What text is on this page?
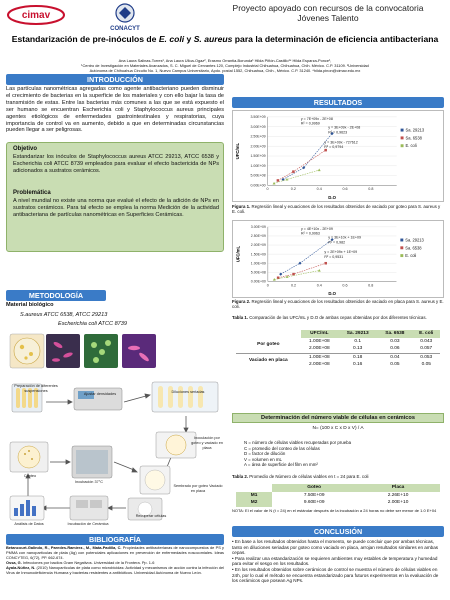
cimav
CONACYT
Proyecto apoyado con recursos de la convocatoria
Jóvenes Talento
Estandarización de pre-inóculos de E. coli y S. aureus para la determinación de eficiencia antibacteriana
Ana Laura Salinas-Torres¹, Ana Laura Ulloa-Ogaz², Erasmo Orrantia-Borunda¹ Hilda Piñón-Castillo¹* Hilda Esparza-Ponce¹,
¹Centro de Investigación en Materiales Avanzados, S. C. Miguel de Cervantes 120, Complejo Industrial Chihuahua, Chihuahua, Chih. México. C.P. 31109. ²Universidad
Autónoma de Chihuahua Circuito No. 1, Nuevo Campus Universitario, Apdo. postal 1552, Chihuahua, Chih., México. C.P. 31240. *hilda.pinon@cimav.edu.mx
INTRODUCCIÓN
Las partículas nanométricas agregadas como agente antibacteriano pueden disminuir el crecimiento de bacterias en la superficie de los materiales y con ello bajar la tasa de transmisión de estas. Entre las bacterias más comunes a las que se está expuesto el ser humano se encuentran Escherichia coli y Staphylococcus aureus principales agentes etiológicos de enfermedades gastrointestinales y respiratorias, cuya importancia de control va en aumento, debido a que en determinadas circunstancias pueden llegar a ser peligrosas.
Objetivo
Estandarizar los inóculos de Staphylococcus aureus ATCC 29213, ATCC 6538 y Escherichia coli ATCC 8739 empleados para evaluar el efecto bactericida de NPs adicionados a sustratos cerámicos.
Problemática
A nivel mundial no existe una norma que evalué el efecto de la adición de NPs en sustratos cerámicos. Para tal efecto se emplea la norma Medición de la actividad antibacteriana de partículas nanométricas en Superficies Cerámicas.
METODOLOGÍA
Material biológico
S.aureus ATCC 6538, ATCC 29213
Escherichia coli ATCC 8739
Preparación de diferentes suspensiones
Ajustar densidades	Diluciones seriadas
Inoculación por goteo y vaciado en placa
Conteo
Incubación 37°C
Sembrado por goteo Vaciado en placa
Análisis de Datos	Incubación de Cerámica
Recuperar células
BIBLIOGRAFÍA
Betancourt-Galindo, R., Paredes-Ramírez., M., Mata-Padilla, C. Propiedades antibacterianas de nanocompuestos de PS y PMMA con nanopartículas de plata (Ag) con potenciales aplicaciones en prevención de enfermedades nosocomiales. Ideas CONCYTEG, 6(72), PP. 662-674.
Ossa, G. Infecciones por bacilos Gram Negativos. Universidad de la Frontera. Pp. 1-6
Ayala-Núñez, N. (2010) Nanopartículas de plata como microbicidas: Actividad y mecanismos de acción contra la infección del Virus de Inmunodeficiencia Humana y bacterias resistentes a antibióticos. Universidad Autónoma de Nuevo León.
RESULTADOS
0.00E+00
5.00E+08
1.00E+09
1.50E+09
2.00E+09
2.50E+09
3.00E+09
3.50E+09
0	0.2	0.4	0.6	0.8
D.O
UFC/mL
Sa. 29213
Sa. 6538
E. coli
y = 7E+09x - 2E+08
R² = 0,9969
y = 3E+09x - 2E+08
R² = 0,9623
y = 3E+09x - 727612
R² = 0,9794
Figura 1. Regresión lineal y ecuaciones de los resultados obtenidos de vaciado por goteo para S. aureus y E. coli.
0.00E+00
5.00E+08
1.00E+09
1.50E+09
2.00E+09
2.50E+09
3.00E+09
0	0.2	0.4	0.6	0.8
D.O
UFC/mL
Sa. 29213
Sa. 6538
E. coli
y = 4E+10x - 2E+09
R² = 0,9963
y = 3E+10x + 1E+09
R² = 0,982
y = 2E+09x + 1E+09
R² = 0,9531
Figura 2. Regresión lineal y ecuaciones de los resultados obtenidos de vaciado en placa para S. aureus y E. coli.
Tabla 1. Comparación de las UFC/mL y D.O de ambas cepas obtenidas por dos diferentes técnicas.
	UFC/mL	Sa. 29213	Sa. 6538	E. coli
Por goteo	1.00E+08	0.1	0.03	0.043
	2.00E+08	0.13	0.06	0.057
Vaciado en placa	1.00E+08	0.18	0.04	0.053
	2.00E+08	0.16	0.05	0.05
Determinación del número viable de células en cerámicos
N= (100 x C x D x V) / A
N = número de células viables recuperadas por prueba
C = promedio del conteo de las células
D = factor de dilución
V = volumen en mL
A = área de superficie del film en mm²
Tabla 2. Promedio de Número de células viables en t = 24 para E. coli
	Goteo	Placa
M1	7.50E+09	2.26E+10
M2	9.60E+09	2.00E+10
NOTA: El el valor de N (t = 24) en el estándar después de la incubación a 24 horas no debe ser menor de 1.0 E+04
CONCLUSIÓN
• En base a los resultados obtenidos hasta el momento, se puede concluir que por ambas técnicas, tanto en diluciones seriadas por goteo como vaciado en placa, arrojan resultados similares en ambas cepas.
• Para realizar una estandarización se requieren ambientes muy estables de temperatura y humedad para evitar el sesgo en los resultados.
• En los resultados obtenidos sobre cerámicos de control se muestra el número de células viables en 24h, por lo cual el método se encuentra estandarizado para futuros experimentos en la evaluación de los cerámicos que posean Ag NPs.
